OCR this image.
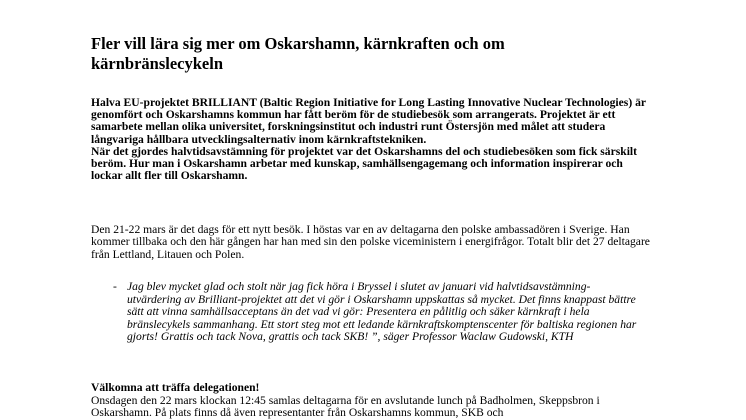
Fler vill lära sig mer om Oskarshamn, kärnkraften och om kärnbränslecykeln
Halva EU-projektet BRILLIANT (Baltic Region Initiative for Long Lasting Innovative Nuclear Technologies) är genomfört och Oskarshamns kommun har fått beröm för de studiebesök som arrangerats. Projektet är ett samarbete mellan olika universitet, forskningsinstitut och industri runt Östersjön med målet att studera långvariga hållbara utvecklingsalternativ inom kärnkraftstekniken.
När det gjordes halvtidsavstämning för projektet var det Oskarshamns del och studiebesöken som fick särskilt beröm. Hur man i Oskarshamn arbetar med kunskap, samhällsengagemang och information inspirerar och lockar allt fler till Oskarshamn.

Den 21-22 mars är det dags för ett nytt besök. I höstas var en av deltagarna den polske ambassadören i Sverige. Han kommer tillbaka och den här gången har han med sin den polske viceministern i energifrågor. Totalt blir det 27 deltagare från Lettland, Litauen och Polen.

- Jag blev mycket glad och stolt när jag fick höra i Bryssel i slutet av januari vid halvtidsavstämning-utvärdering av Brilliant-projektet att det vi gör i Oskarshamn uppskattas så mycket. Det finns knappast bättre sätt att vinna samhällsacceptans än det vad vi gör: Presentera en pålitlig och säker kärnkraft i hela bränslecykels sammanhang. Ett stort steg mot ett ledande kärnkraftskomptenscenter för baltiska regionen har gjorts! Grattis och tack Nova, grattis och tack SKB! ”, säger Professor Waclaw Gudowski, KTH

Välkomna att träffa delegationen!

Onsdagen den 22 mars klockan 12:45 samlas deltagarna för en avslutande lunch på Badholmen, Skeppsbron i Oskarshamn. På plats finns då även representanter från Oskarshamns kommun, SKB och
